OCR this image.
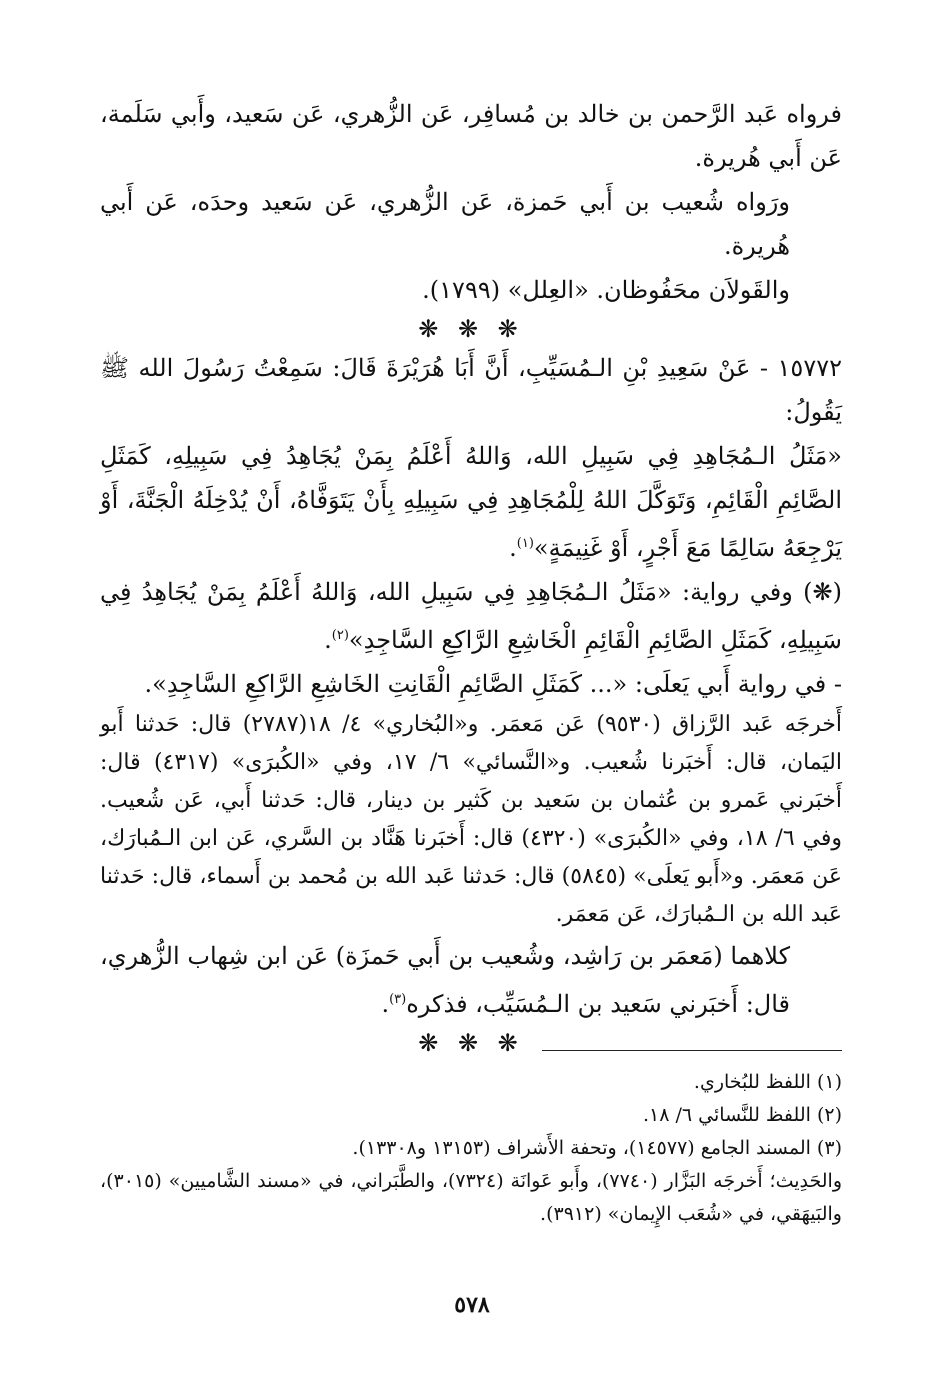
فرواه عَبد الرَّحمن بن خالد بن مُسافِر، عَن الزُّهري، عَن سَعيد، وأَبي سَلَمة، عَن أَبي هُريرة.

ورَواه شُعيب بن أَبي حَمزة، عَن الزُّهري، عَن سَعيد وحدَه، عَن أَبي هُريرة.

والقَولاَن محَفُوظان. «العِلل» (١٧٩٩).

❋ ❋ ❋

١٥٧٧٢ - عَنْ سَعِيدِ بْنِ الـمُسَيِّبِ، أَنَّ أَبَا هُرَيْرَةَ قَالَ: سَمِعْتُ رَسُولَ الله ﷺ يَقُولُ:

«مَثَلُ الـمُجَاهِدِ فِي سَبِيلِ الله، وَاللهُ أَعْلَمُ بِمَنْ يُجَاهِدُ فِي سَبِيلِهِ، كَمَثَلِ الصَّائِمِ الْقَائِمِ، وَتَوَكَّلَ اللهُ لِلْمُجَاهِدِ فِي سَبِيلِهِ بِأَنْ يَتَوَفَّاهُ، أَنْ يُدْخِلَهُ الْجَنَّةَ، أَوْ يَرْجِعَهُ سَالِمًا مَعَ أَجْرٍ، أَوْ غَنِيمَةٍ»$^{(١)}$.

(❋) وفي رواية: «مَثَلُ الـمُجَاهِدِ فِي سَبِيلِ الله، وَاللهُ أَعْلَمُ بِمَنْ يُجَاهِدُ فِي سَبِيلِهِ، كَمَثَلِ الصَّائِمِ الْقَائِمِ الْخَاشِعِ الرَّاكِعِ السَّاجِدِ»$^{(٢)}$.

- في رواية أَبي يَعلَى: «... كَمَثَلِ الصَّائِمِ الْقَانِتِ الخَاشِعِ الرَّاكِعِ السَّاجِدِ».

أَخرجَه عَبد الرَّزاق (٩٥٣٠) عَن مَعمَر. و«البُخاري» ٤/ ١٨(٢٧٨٧) قال: حَدثنا أَبو اليَمان، قال: أَخبَرنا شُعيب. و«النَّسائي» ٦/ ١٧، وفي «الكُبرَى» (٤٣١٧) قال: أَخبَرني عَمرو بن عُثمان بن سَعيد بن كَثير بن دينار، قال: حَدثنا أَبي، عَن شُعيب. وفي ٦/ ١٨، وفي «الكُبرَى» (٤٣٢٠) قال: أَخبَرنا هَنَّاد بن السَّري، عَن ابن الـمُبارَك، عَن مَعمَر. و«أَبو يَعلَى» (٥٨٤٥) قال: حَدثنا عَبد الله بن مُحمد بن أَسماء، قال: حَدثنا عَبد الله بن الـمُبارَك، عَن مَعمَر.

كلاهما (مَعمَر بن رَاشِد، وشُعيب بن أَبي حَمزَة) عَن ابن شِهاب الزُّهري، قال: أَخبَرني سَعيد بن الـمُسَيِّب، فذكره$^{(٣)}$.

❋ ❋ ❋

(١) اللفظ للبُخاري.

(٢) اللفظ للنَّسائي ٦/ ١٨.

(٣) المسند الجامع (١٤٥٧٧)، وتحفة الأَشراف (١٣١٥٣ و١٣٣٠٨).

والحَدِيث؛ أَخرجَه البَزَّار (٧٧٤٠)، وأَبو عَوانَة (٧٣٢٤)، والطَّبَراني، في «مسند الشَّاميين» (٣٠١٥)، والبَيهَقي، في «شُعَب الإِيمان» (٣٩١٢).

٥٧٨
